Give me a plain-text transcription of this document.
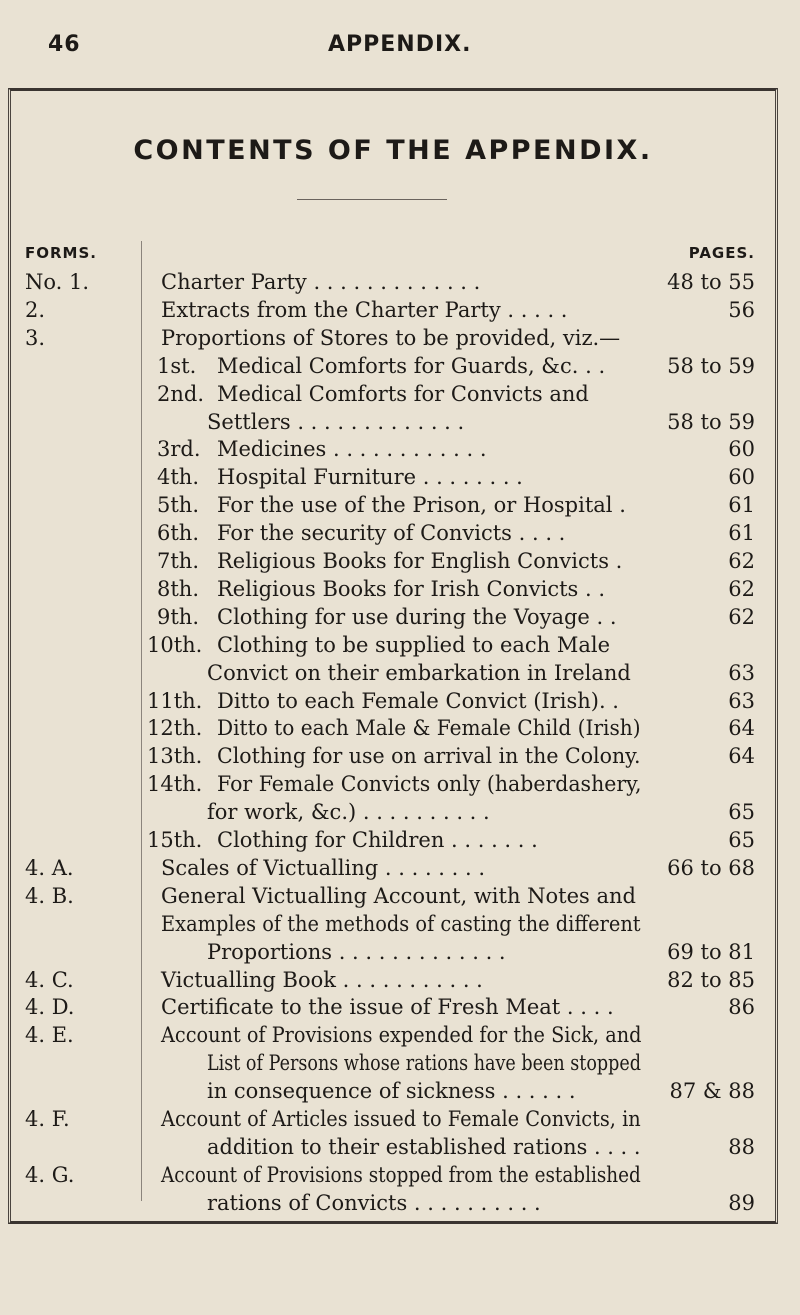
46	APPENDIX.
CONTENTS OF THE APPENDIX.
FORMS.	PAGES.
No. 1.	Charter Party . . . . . . . . . . . . .	48 to 55
2.	Extracts from the Charter Party . . . . .	56
3.	Proportions of Stores to be provided, viz.—
1st. Medical Comforts for Guards, &c. . .	58 to 59
2nd. Medical Comforts for Convicts and
Settlers . . . . . . . . . . . . .	58 to 59
3rd. Medicines . . . . . . . . . . . .	60
4th. Hospital Furniture . . . . . . . .	60
5th. For the use of the Prison, or Hospital .	61
6th. For the security of Convicts . . . .	61
7th. Religious Books for English Convicts .	62
8th. Religious Books for Irish Convicts . .	62
9th. Clothing for use during the Voyage . .	62
10th. Clothing to be supplied to each Male
Convict on their embarkation in Ireland	63
11th. Ditto to each Female Convict (Irish). .	63
12th. Ditto to each Male & Female Child (Irish)	64
13th. Clothing for use on arrival in the Colony.	64
14th. For Female Convicts only (haberdashery,
for work, &c.) . . . . . . . . . .	65
15th. Clothing for Children . . . . . . .	65
4. A.	Scales of Victualling . . . . . . . .	66 to 68
4. B.	General Victualling Account, with Notes and
Examples of the methods of casting the different
Proportions . . . . . . . . . . . . .	69 to 81
4. C.	Victualling Book . . . . . . . . . . .	82 to 85
4. D.	Certificate to the issue of Fresh Meat . . . .	86
4. E.	Account of Provisions expended for the Sick, and
List of Persons whose rations have been stopped
in consequence of sickness . . . . . .	87 & 88
4. F.	Account of Articles issued to Female Convicts, in
addition to their established rations . . . .	88
4. G.	Account of Provisions stopped from the established
rations of Convicts . . . . . . . . . .	89
